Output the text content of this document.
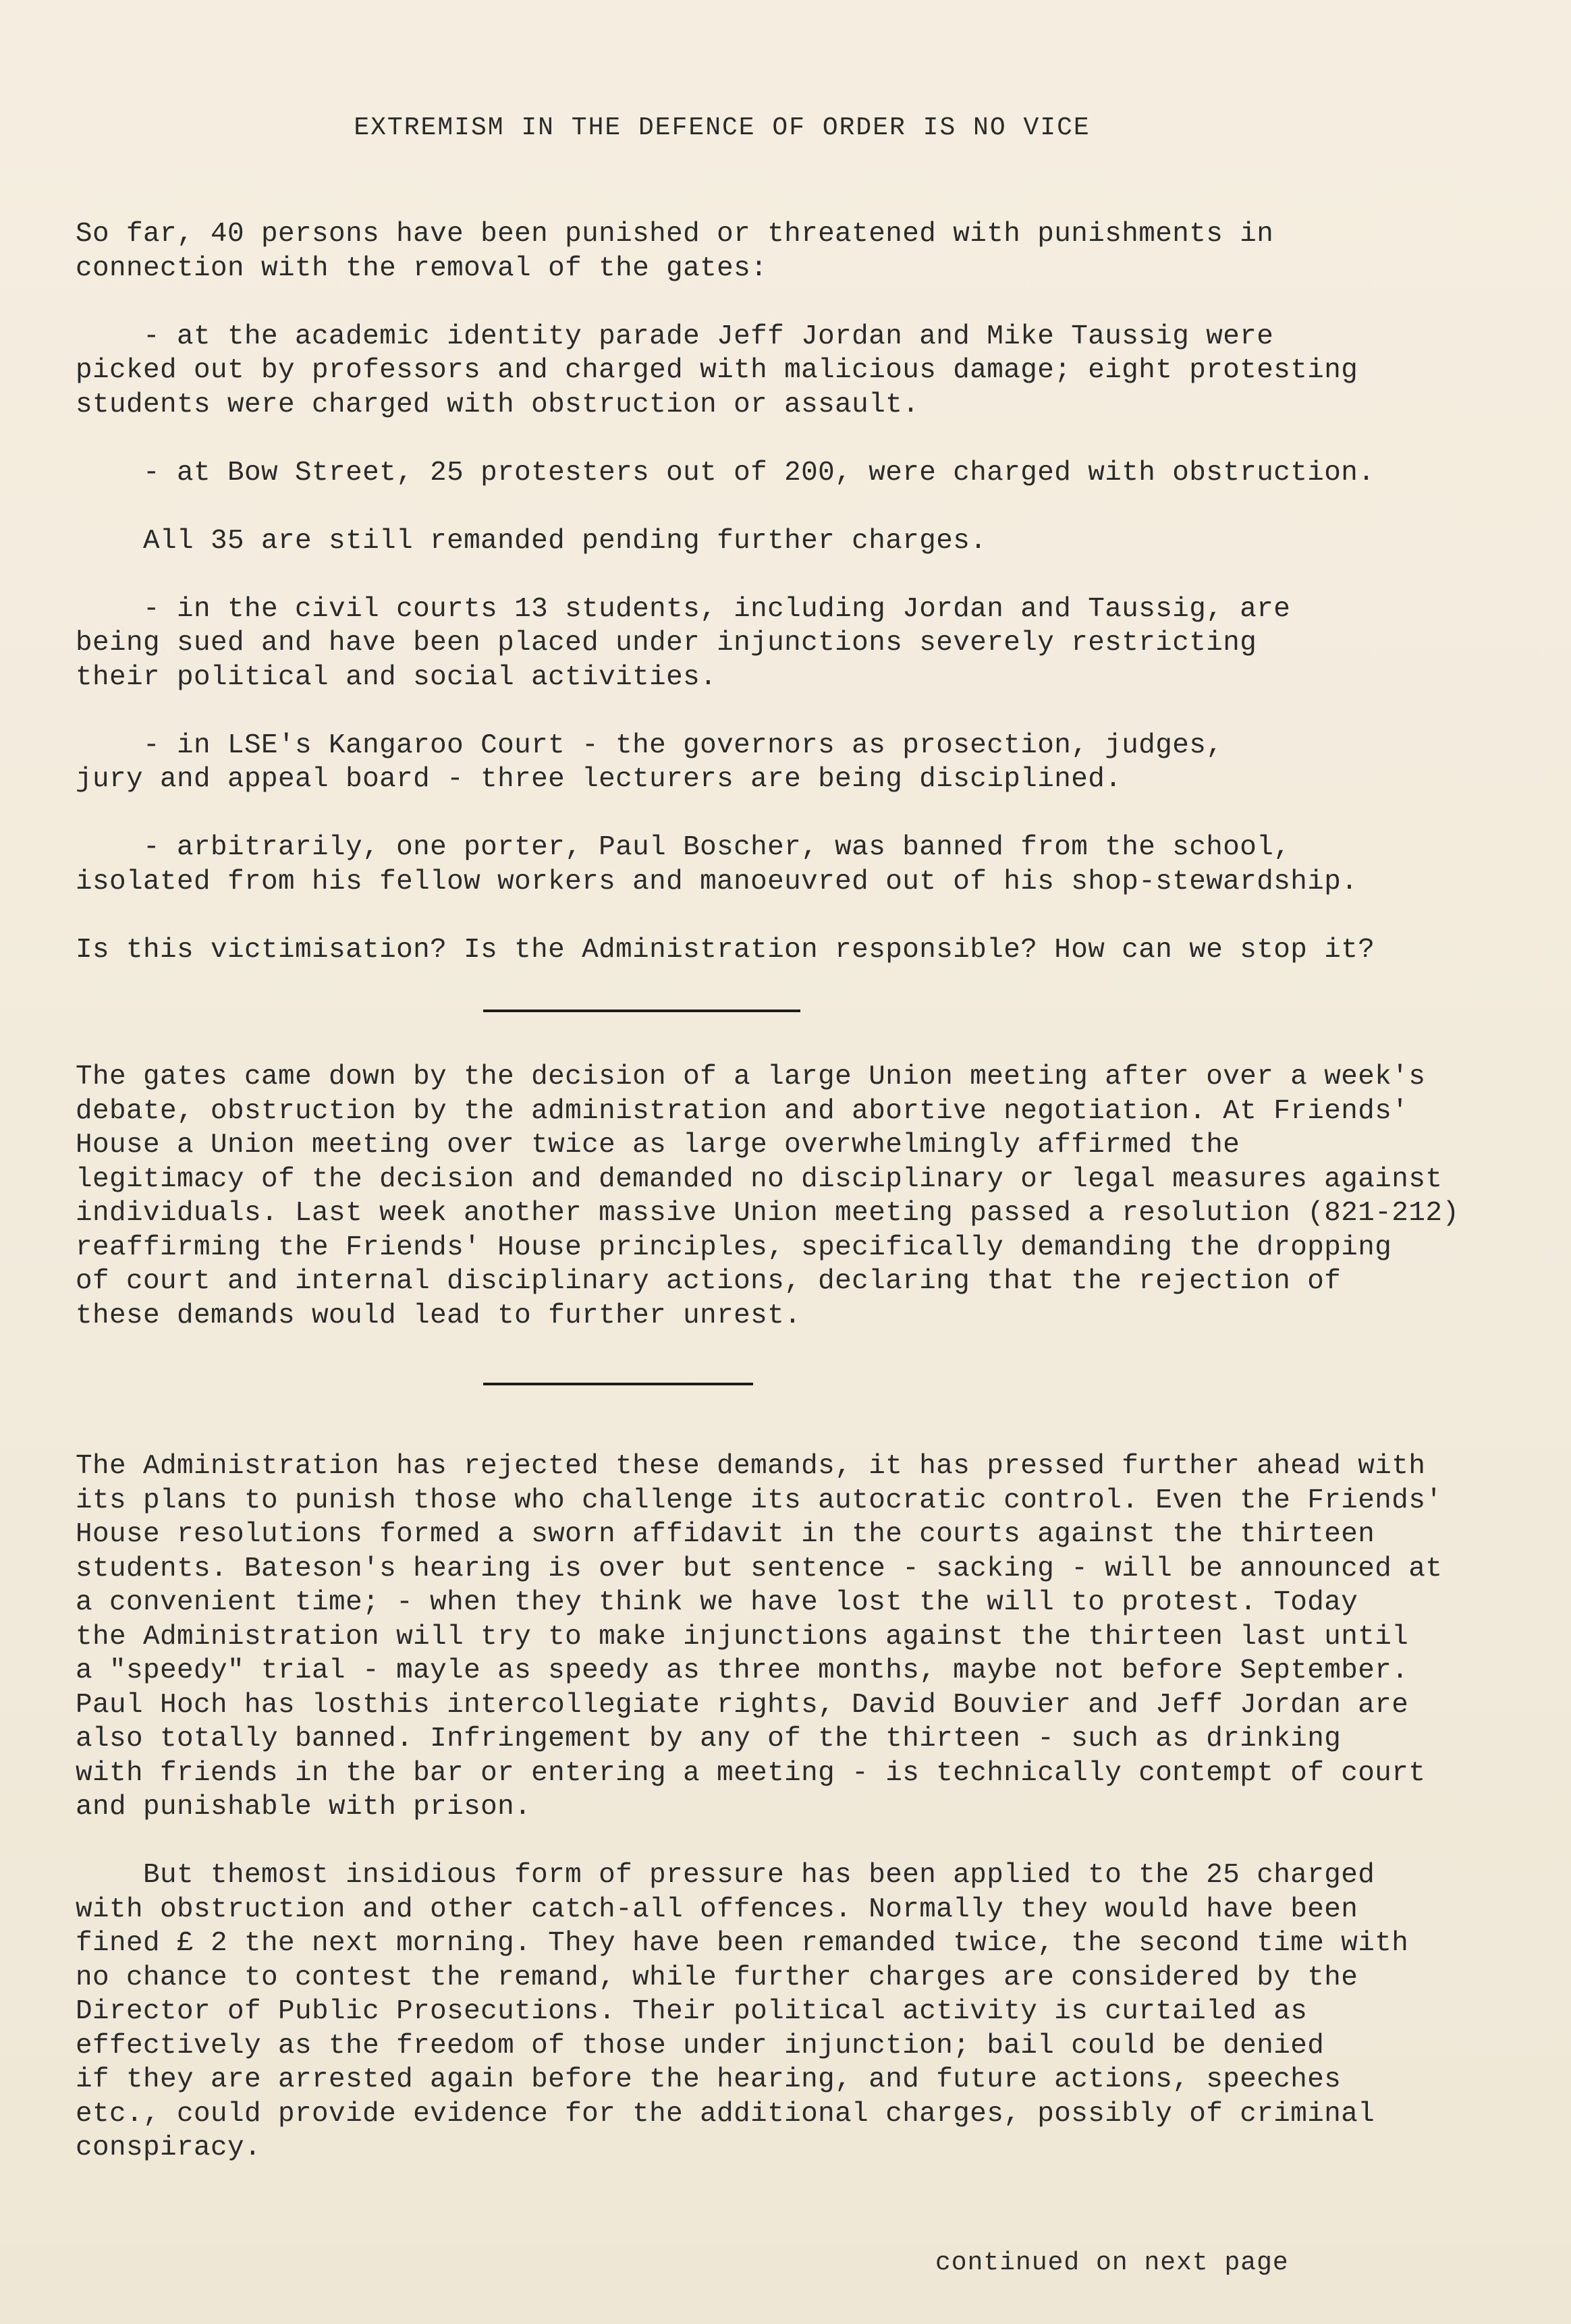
EXTREMISM IN THE DEFENCE OF ORDER IS NO VICE
So far, 40 persons have been punished or threatened with punishments in
connection with the removal of the gates:
- at the academic identity parade Jeff Jordan and Mike Taussig were
picked out by professors and charged with malicious damage; eight protesting
students were charged with obstruction or assault.
- at Bow Street, 25 protesters out of 200, were charged with obstruction.
All 35 are still remanded pending further charges.
- in the civil courts 13 students, including Jordan and Taussig, are
being sued and have been placed under injunctions severely restricting
their political and social activities.
- in LSE's Kangaroo Court - the governors as prosection, judges,
jury and appeal board - three lecturers are being disciplined.
- arbitrarily, one porter, Paul Boscher, was banned from the school,
isolated from his fellow workers and manoeuvred out of his shop-stewardship.
Is this victimisation? Is the Administration responsible? How can we stop it?
The gates came down by the decision of a large Union meeting after over a week's
debate, obstruction by the administration and abortive negotiation. At Friends'
House a Union meeting over twice as large overwhelmingly affirmed the
legitimacy of the decision and demanded no disciplinary or legal measures against
individuals. Last week another massive Union meeting passed a resolution (821-212)
reaffirming the Friends' House principles, specifically demanding the dropping
of court and internal disciplinary actions, declaring that the rejection of
these demands would lead to further unrest.
The Administration has rejected these demands, it has pressed further ahead with
its plans to punish those who challenge its autocratic control. Even the Friends'
House resolutions formed a sworn affidavit in the courts against the thirteen
students. Bateson's hearing is over but sentence - sacking - will be announced at
a convenient time; - when they think we have lost the will to protest. Today
the Administration will try to make injunctions against the thirteen last until
a "speedy" trial - mayle as speedy as three months, maybe not before September.
Paul Hoch has losthis intercollegiate rights, David Bouvier and Jeff Jordan are
also totally banned. Infringement by any of the thirteen - such as drinking
with friends in the bar or entering a meeting - is technically contempt of court
and punishable with prison.
But themost insidious form of pressure has been applied to the 25 charged
with obstruction and other catch-all offences. Normally they would have been
fined £ 2 the next morning. They have been remanded twice, the second time with
no chance to contest the remand, while further charges are considered by the
Director of Public Prosecutions. Their political activity is curtailed as
effectively as the freedom of those under injunction; bail could be denied
if they are arrested again before the hearing, and future actions, speeches
etc., could provide evidence for the additional charges, possibly of criminal
conspiracy.
continued on next page
